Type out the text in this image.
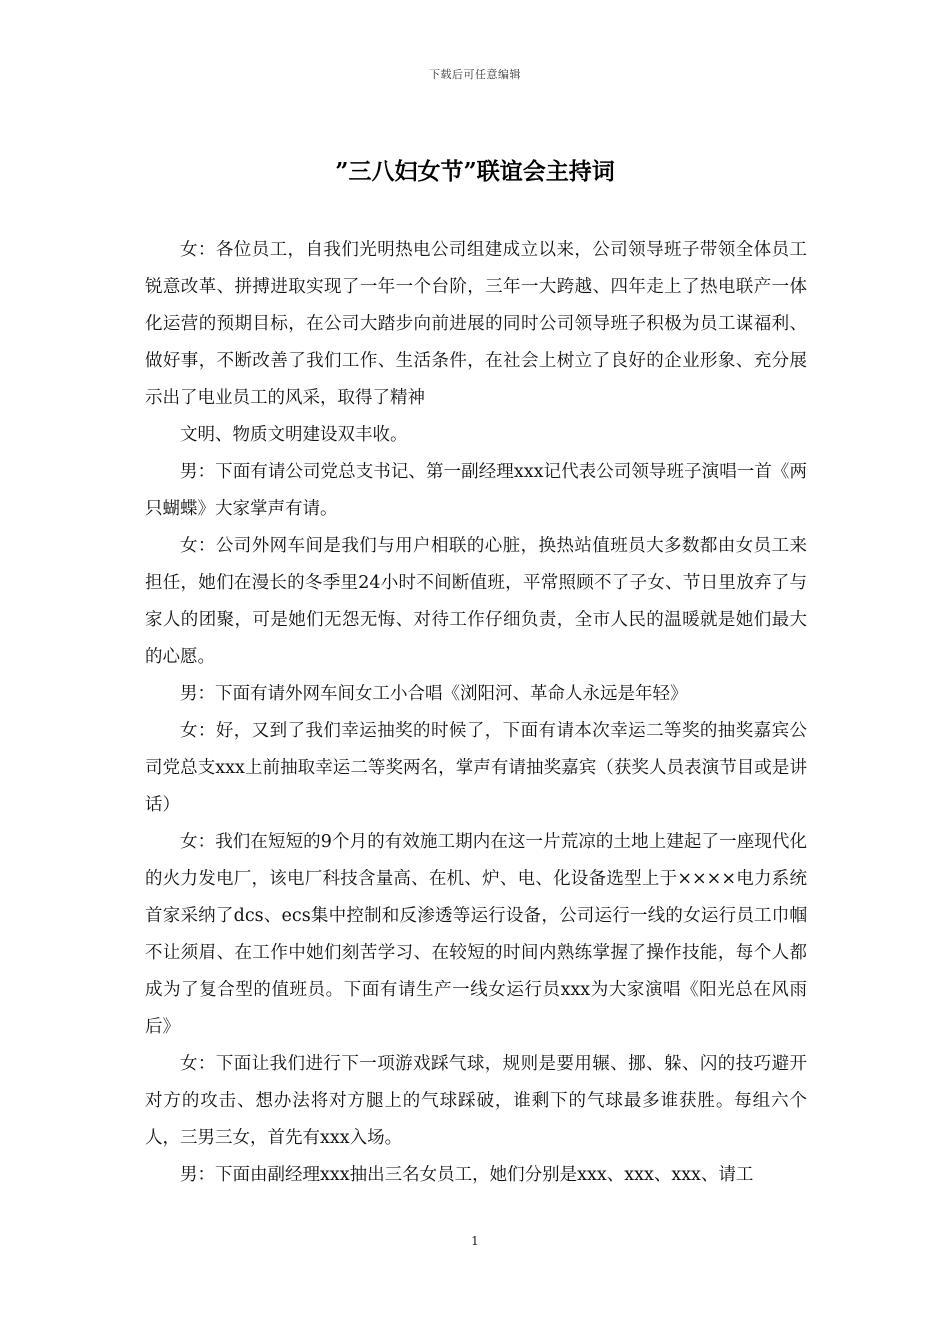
下载后可任意编辑
”三八妇女节”联谊会主持词

女：各位员工，自我们光明热电公司组建成立以来，公司领导班子带领全体员工锐意改革、拼搏进取实现了一年一个台阶，三年一大跨越、四年走上了热电联产一体化运营的预期目标，在公司大踏步向前进展的同时公司领导班子积极为员工谋福利、做好事，不断改善了我们工作、生活条件，在社会上树立了良好的企业形象、充分展示出了电业员工的风采，取得了精神

文明、物质文明建设双丰收。

男：下面有请公司党总支书记、第一副经理xxx记代表公司领导班子演唱一首《两只蝴蝶》大家掌声有请。

女：公司外网车间是我们与用户相联的心脏，换热站值班员大多数都由女员工来担任，她们在漫长的冬季里24小时不间断值班，平常照顾不了子女、节日里放弃了与家人的团聚，可是她们无怨无悔、对待工作仔细负责，全市人民的温暖就是她们最大的心愿。

男：下面有请外网车间女工小合唱《浏阳河、革命人永远是年轻》

女：好，又到了我们幸运抽奖的时候了，下面有请本次幸运二等奖的抽奖嘉宾公司党总支xxx上前抽取幸运二等奖两名，掌声有请抽奖嘉宾（获奖人员表演节目或是讲话）

女：我们在短短的9个月的有效施工期内在这一片荒凉的土地上建起了一座现代化的火力发电厂，该电厂科技含量高、在机、炉、电、化设备选型上于××××电力系统首家采纳了dcs、ecs集中控制和反渗透等运行设备，公司运行一线的女运行员工巾帼不让须眉、在工作中她们刻苦学习、在较短的时间内熟练掌握了操作技能，每个人都成为了复合型的值班员。下面有请生产一线女运行员xxx为大家演唱《阳光总在风雨后》

女：下面让我们进行下一项游戏踩气球，规则是要用辗、挪、躲、闪的技巧避开对方的攻击、想办法将对方腿上的气球踩破，谁剩下的气球最多谁获胜。每组六个人，三男三女，首先有xxx入场。

男：下面由副经理xxx抽出三名女员工，她们分别是xxx、xxx、xxx、请工

1
